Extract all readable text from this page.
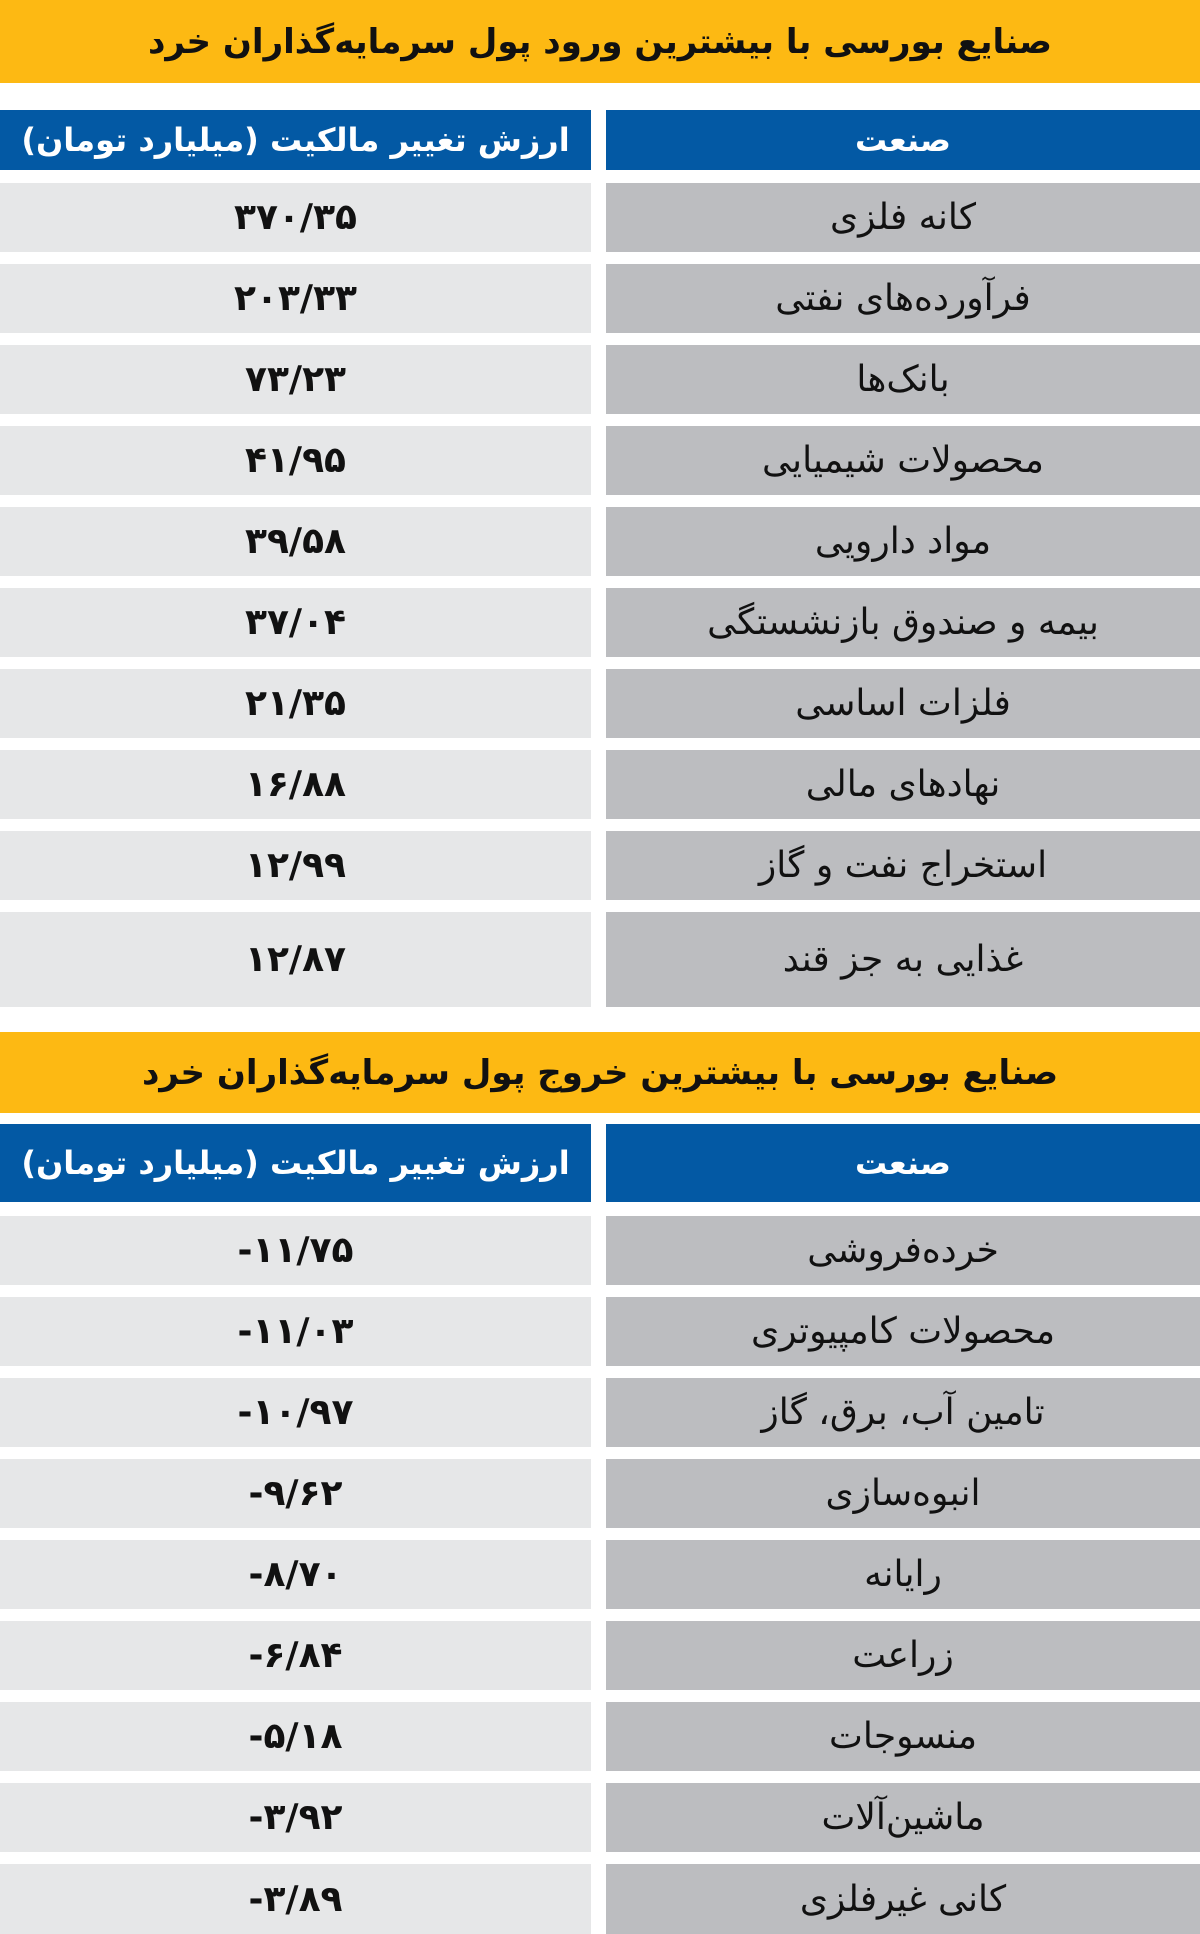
صنایع بورسی با بیشترین ورود پول سرمایه‌گذاران خرد
ارزش تغییر مالکیت (میلیارد تومان)	صنعت
۳۷۰/۳۵	کانه فلزی
۲۰۳/۳۳	فرآورده‌های نفتی
۷۳/۲۳	بانک‌ها
۴۱/۹۵	محصولات شیمیایی
۳۹/۵۸	مواد دارویی
۳۷/۰۴	بیمه و صندوق بازنشستگی
۲۱/۳۵	فلزات اساسی
۱۶/۸۸	نهادهای مالی
۱۲/۹۹	استخراج نفت و گاز
۱۲/۸۷	غذایی به جز قند
صنایع بورسی با بیشترین خروج پول سرمایه‌گذاران خرد
ارزش تغییر مالکیت (میلیارد تومان)	صنعت
-۱۱/۷۵	خرده‌فروشی
-۱۱/۰۳	محصولات کامپیوتری
-۱۰/۹۷	تامین آب، برق، گاز
-۹/۶۲	انبوه‌سازی
-۸/۷۰	رایانه
-۶/۸۴	زراعت
-۵/۱۸	منسوجات
-۳/۹۲	ماشین‌آلات
-۳/۸۹	کانی غیرفلزی
